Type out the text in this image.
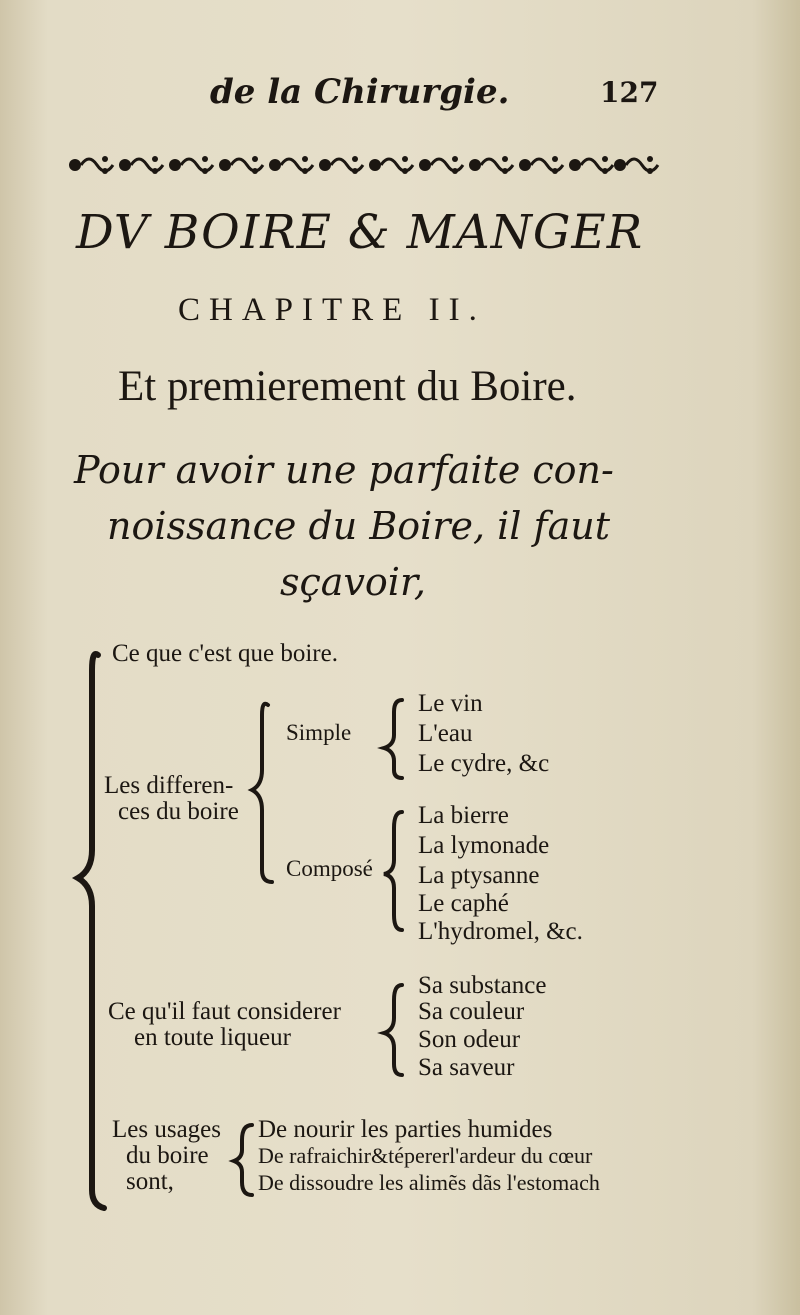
de la Chirurgie.	127
DV BOIRE & MANGER
CHAPITRE II.
Et premierement du Boire.
Pour avoir une parfaite con-
noissance du Boire, il faut
sçavoir,
Ce que c'est que boire.
Les differen-
ces du boire
Simple
Le vin
L'eau
Le cydre, &c
Composé
La bierre
La lymonade
La ptysanne
Le caphé
L'hydromel, &c.
Ce qu'il faut considerer
en toute liqueur
Sa substance
Sa couleur
Son odeur
Sa saveur
Les usages
du boire
sont,
De nourir les parties humides
De rafraichir&tépererl'ardeur du cœur
De dissoudre les alimẽs dãs l'estomach
